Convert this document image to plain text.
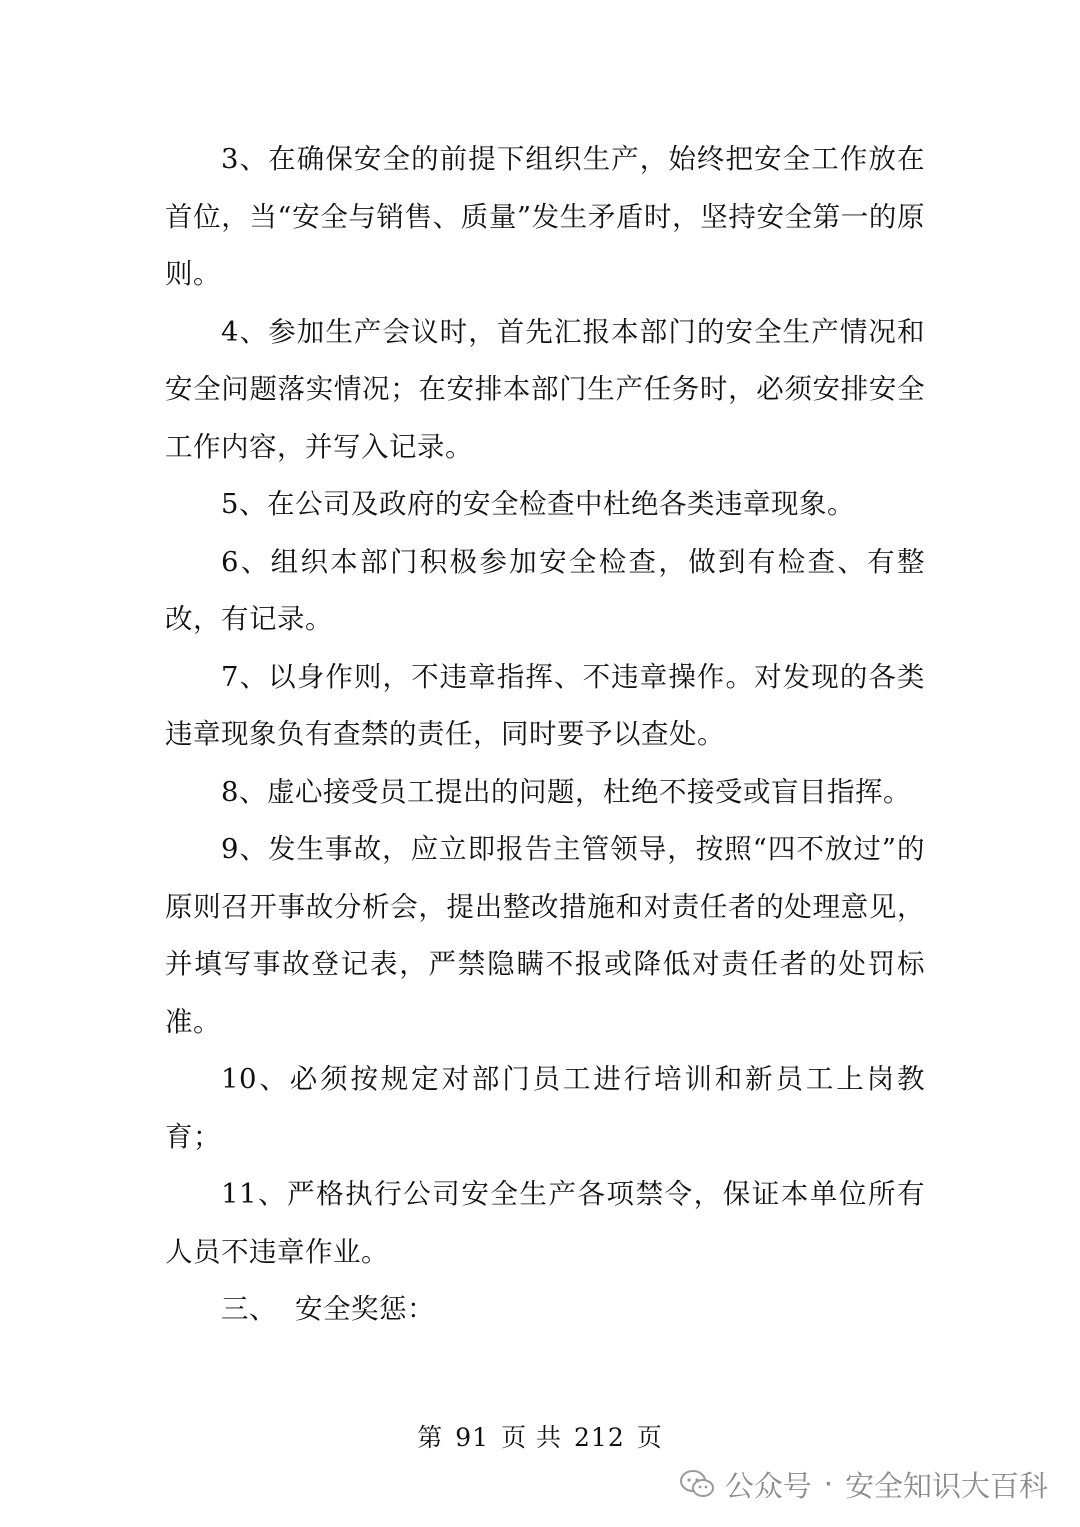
3、在确保安全的前提下组织生产，始终把安全工作放在首位，当“安全与销售、质量”发生矛盾时，坚持安全第一的原则。

4、参加生产会议时，首先汇报本部门的安全生产情况和安全问题落实情况；在安排本部门生产任务时，必须安排安全工作内容，并写入记录。

5、在公司及政府的安全检查中杜绝各类违章现象。

6、组织本部门积极参加安全检查，做到有检查、有整改，有记录。

7、以身作则，不违章指挥、不违章操作。对发现的各类违章现象负有查禁的责任，同时要予以查处。

8、虚心接受员工提出的问题，杜绝不接受或盲目指挥。

9、发生事故，应立即报告主管领导，按照“四不放过”的原则召开事故分析会，提出整改措施和对责任者的处理意见，并填写事故登记表，严禁隐瞒不报或降低对责任者的处罚标准。

10、必须按规定对部门员工进行培训和新员工上岗教育；

11、严格执行公司安全生产各项禁令，保证本单位所有人员不违章作业。

三、 安全奖惩：

第 91 页 共 212 页
公众号 · 安全知识大百科
